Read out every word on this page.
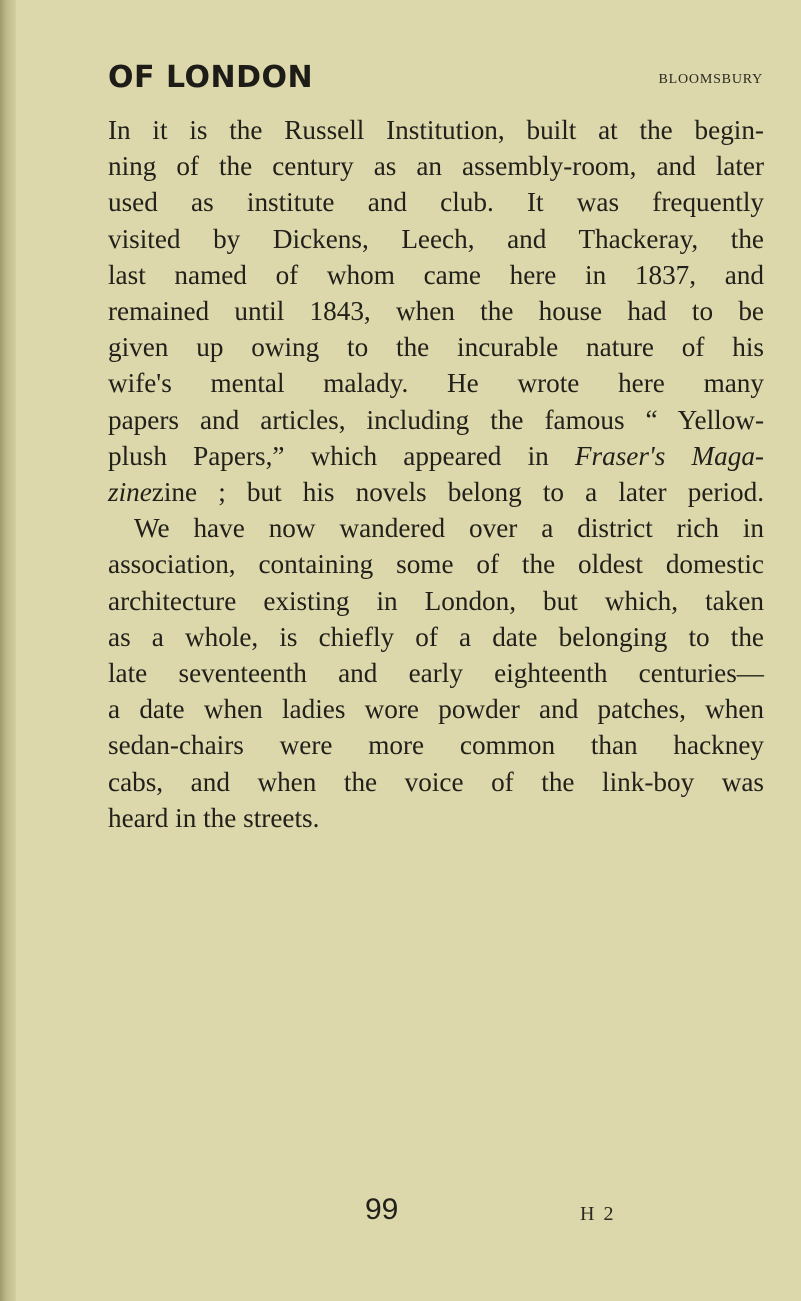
OF LONDON	BLOOMSBURY
In it is the Russell Institution, built at the begin-
ning of the century as an assembly-room, and later
used as institute and club. It was frequently
visited by Dickens, Leech, and Thackeray, the
last named of whom came here in 1837, and
remained until 1843, when the house had to be
given up owing to the incurable nature of his
wife's mental malady. He wrote here many
papers and articles, including the famous “ Yellow-
plush Papers,” which appeared in Fraser's Maga-
zinezine ; but his novels belong to a later period.
We have now wandered over a district rich in
association, containing some of the oldest domestic
architecture existing in London, but which, taken
as a whole, is chiefly of a date belonging to the
late seventeenth and early eighteenth centuries—
a date when ladies wore powder and patches, when
sedan-chairs were more common than hackney
cabs, and when the voice of the link-boy was
heard in the streets.
99	H 2
